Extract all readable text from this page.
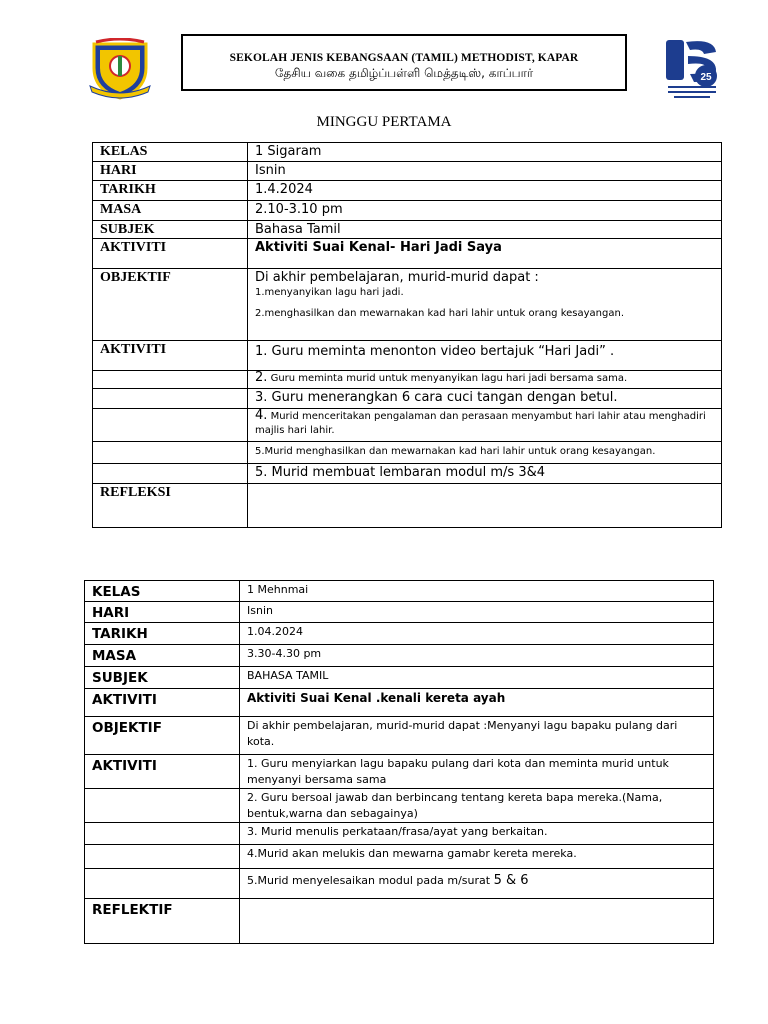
25
SEKOLAH JENIS KEBANGSAAN (TAMIL) METHODIST, KAPAR
தேசிய வகை தமிழ்ப்பள்ளி மெத்தடிஸ், காப்பார்
MINGGU PERTAMA
KELAS	1 Sigaram
HARI	Isnin
TARIKH	1.4.2024
MASA	2.10-3.10 pm
SUBJEK	Bahasa Tamil
AKTIVITI	Aktiviti Suai Kenal- Hari Jadi Saya
OBJEKTIF	Di akhir pembelajaran, murid-murid dapat :
1.menyanyikan lagu hari jadi.
2.menghasilkan dan mewarnakan kad hari lahir untuk orang kesayangan.

AKTIVITI	1. Guru meminta menonton video bertajuk “Hari Jadi” .
	2. Guru meminta murid untuk menyanyikan lagu hari jadi bersama sama.
	3. Guru menerangkan 6 cara cuci tangan dengan betul.
	4. Murid menceritakan pengalaman dan perasaan menyambut hari lahir atau menghadiri majlis hari lahir.
	5.Murid menghasilkan dan mewarnakan kad hari lahir untuk orang kesayangan.
	5. Murid membuat lembaran modul m/s 3&4
REFLEKSI	
KELAS	1 Mehnmai
HARI	Isnin
TARIKH	1.04.2024
MASA	3.30-4.30 pm
SUBJEK	BAHASA TAMIL
AKTIVITI	Aktiviti Suai Kenal .kenali kereta ayah
OBJEKTIF	Di akhir pembelajaran, murid-murid dapat :Menyanyi lagu bapaku pulang dari kota.
AKTIVITI	1. Guru menyiarkan lagu bapaku pulang dari kota dan meminta murid untuk menyanyi bersama sama
	2. Guru bersoal jawab dan berbincang tentang kereta bapa mereka.(Nama, bentuk,warna dan sebagainya)
	3. Murid menulis perkataan/frasa/ayat yang berkaitan.
	4.Murid akan melukis dan mewarna gamabr kereta mereka.
	5.Murid menyelesaikan modul pada m/surat 5 & 6
REFLEKTIF	
